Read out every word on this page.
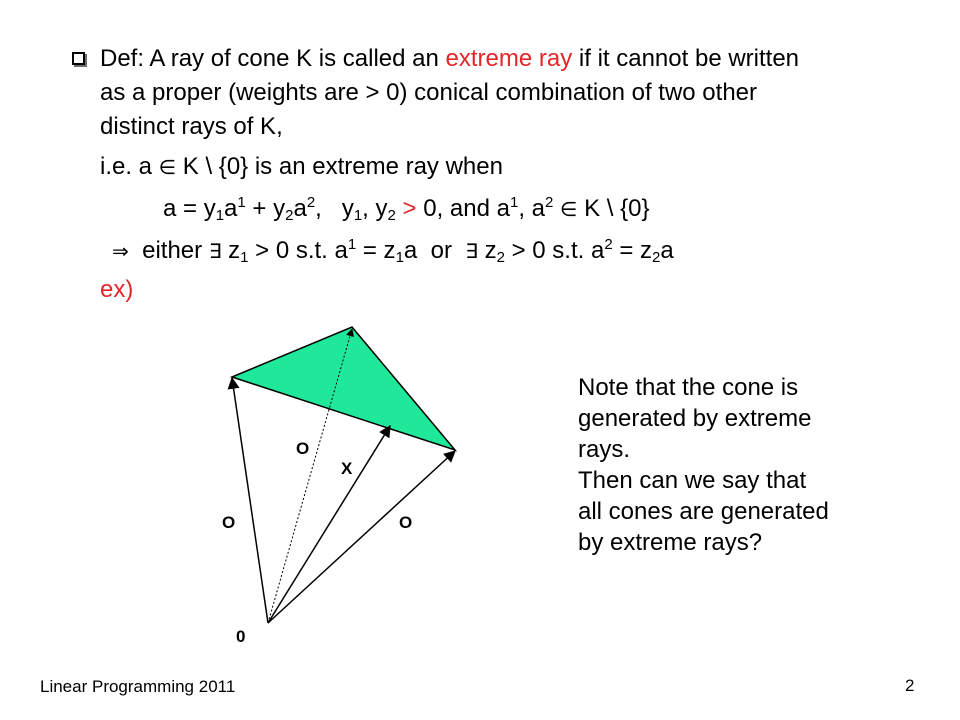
Def: A ray of cone K is called an extreme ray if it cannot be written
as a proper (weights are > 0) conical combination of two other
distinct rays of K,
i.e. a ∈ K \ {0} is an extreme ray when
$a = y_1a^1 + y_2a^2$,   $y_1$, $y_2 > 0$, and $a^1$, $a^2$ ∈ K \ {0}
⇒  either ∃ $z_1 > 0$ s.t. $a^1 = z_1a$  or  ∃ $z_2 > 0$ s.t. $a^2 = z_2a$
ex)
O
X
O	O
0
Note that the cone is
generated by extreme
rays.
Then can we say that
all cones are generated
by extreme rays?
Linear Programming 2011	2
